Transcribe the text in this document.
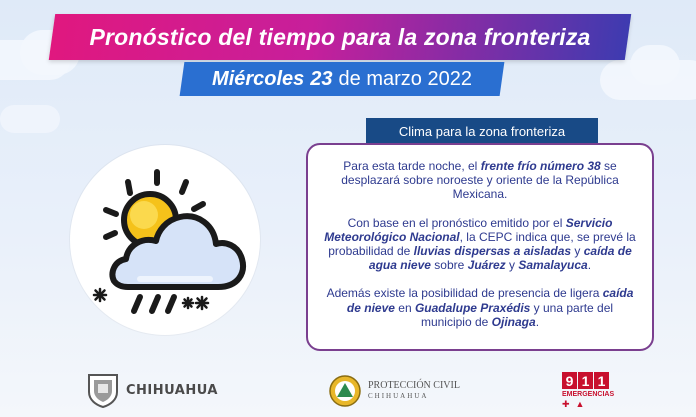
Pronóstico del tiempo para la zona fronteriza
Miércoles 23 de marzo 2022
Clima para la zona fronteriza

Para esta tarde noche, el frente frío número 38 se desplazará sobre noroeste y oriente de la República Mexicana.

Con base en el pronóstico emitido por el Servicio Meteorológico Nacional, la CEPC indica que, se prevé la probabilidad de lluvias dispersas a aisladas y caída de agua nieve sobre Juárez y Samalayuca.

Además existe la posibilidad de presencia de ligera caída de nieve en Guadalupe Praxédis y una parte del municipio de Ojinaga.

CHIHUAHUA	PROTECCIÓN CIVIL
CHIHUAHUA
9 1 1
EMERGENCIAS
✚ ▲
